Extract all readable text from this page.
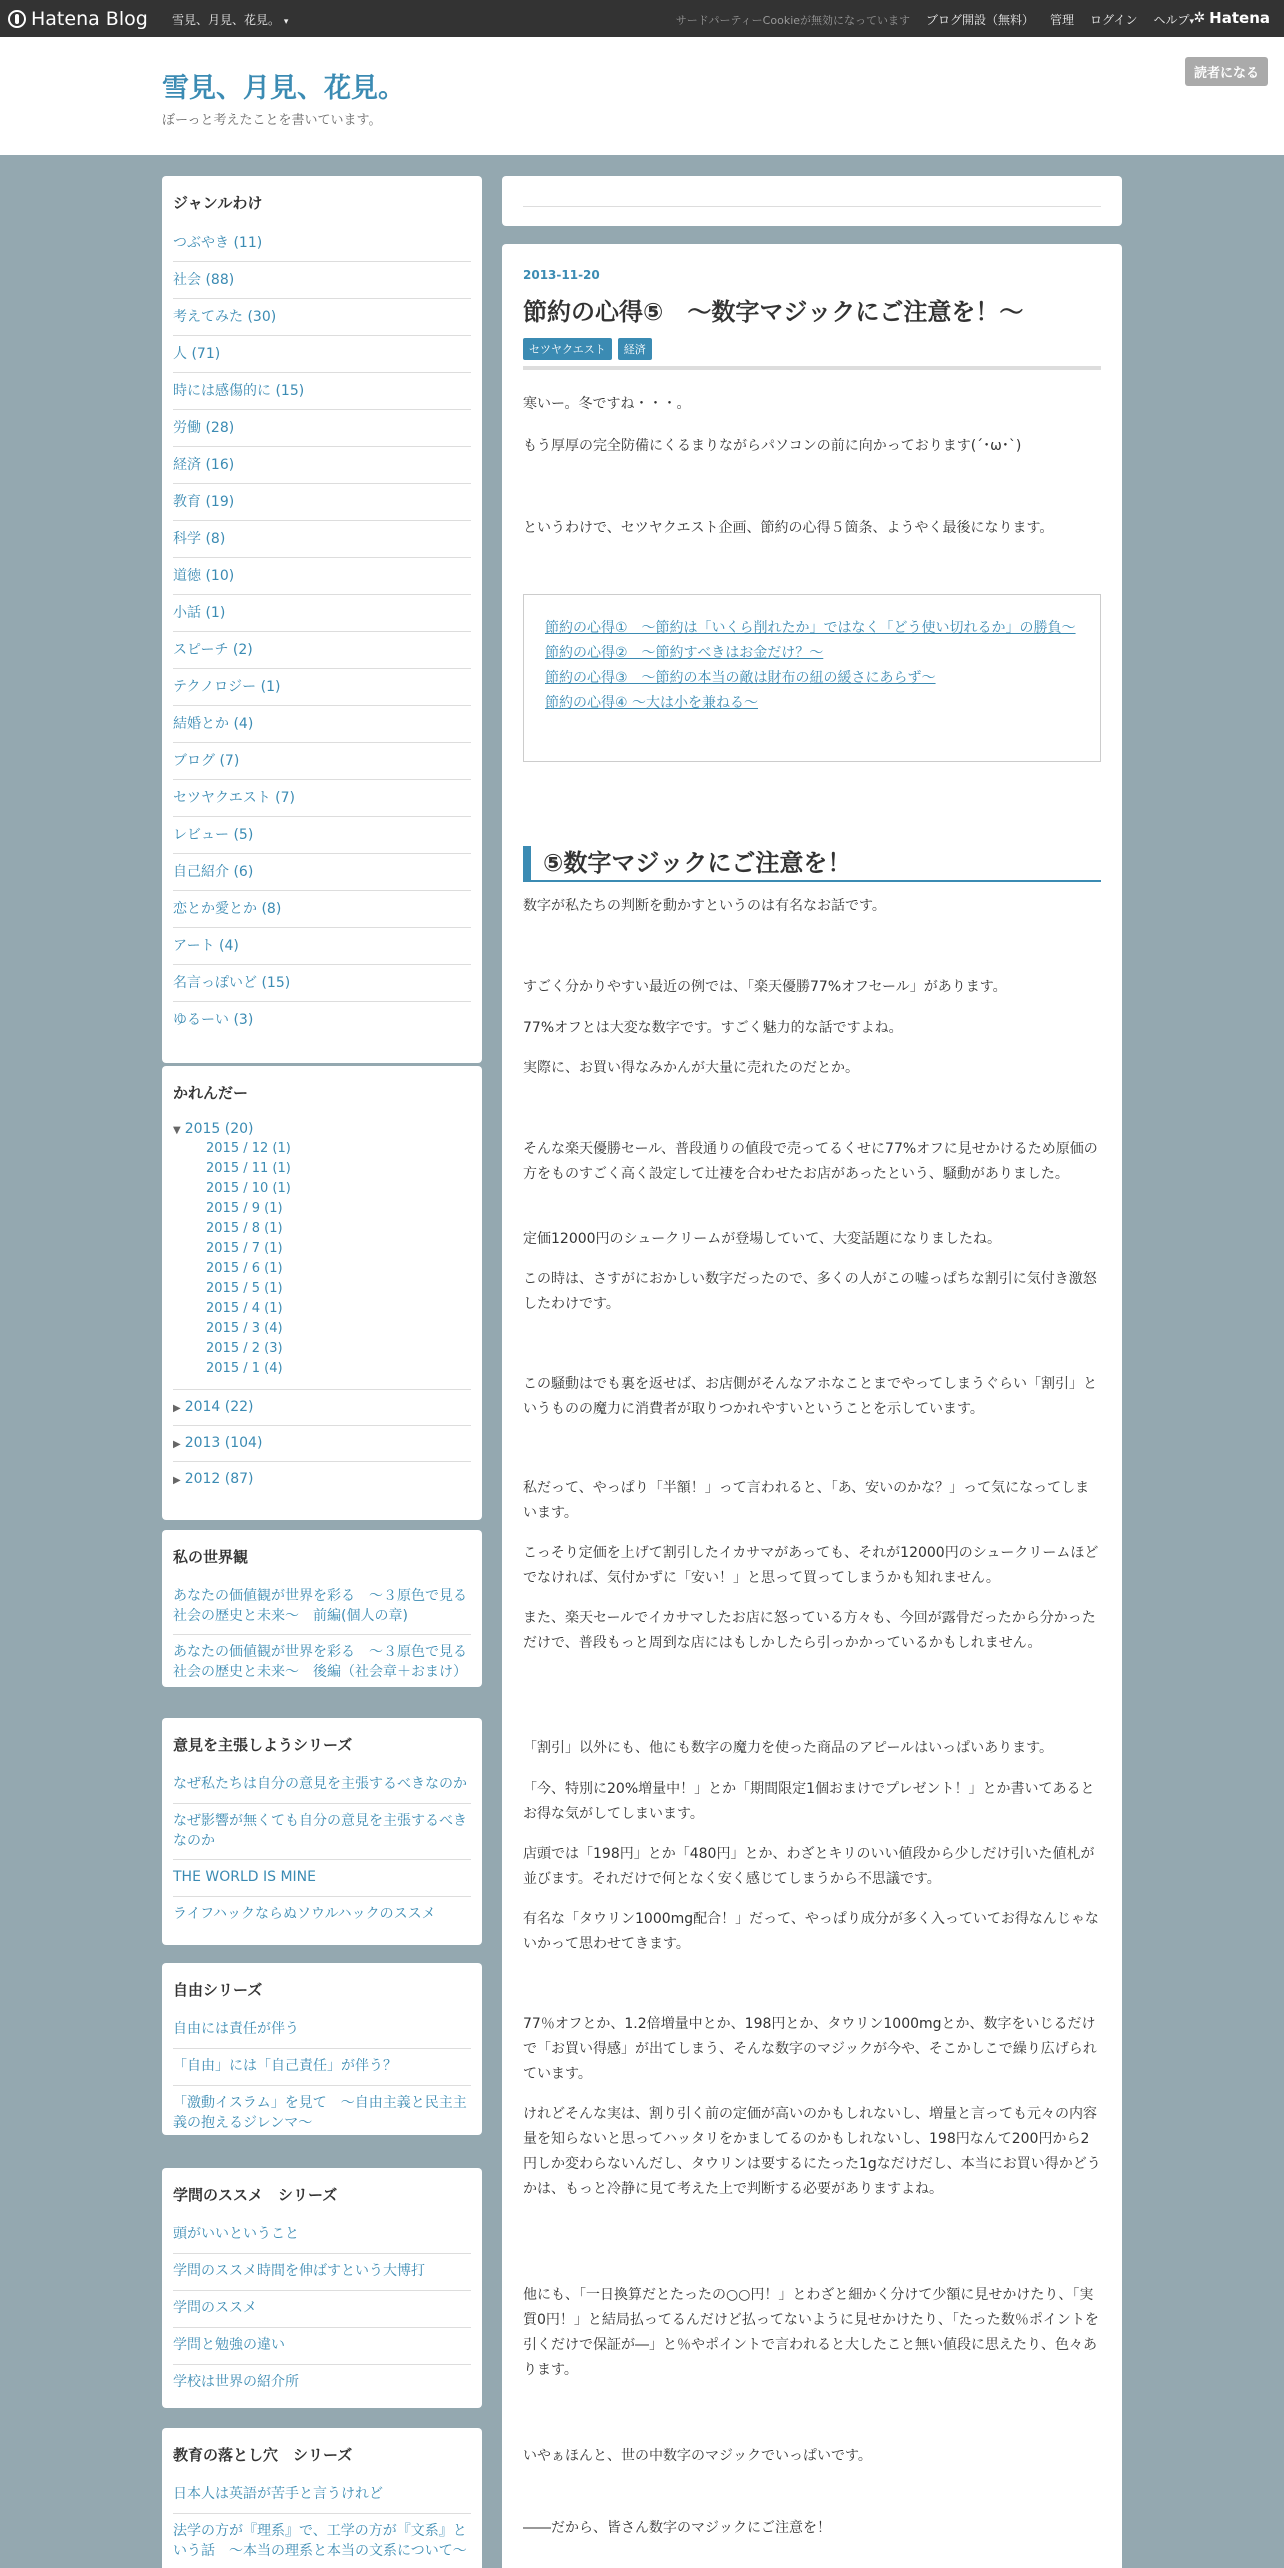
Hatena Blog 雪見、月見、花見。 ▾	サードパーティーCookieが無効になっています ブログ開設（無料） 管理 ログイン ヘルプ▾ ✲ Hatena
雪見、月見、花見。
ぼーっと考えたことを書いています。
読者になる
ジャンルわけ
つぶやき (11)
社会 (88)
考えてみた (30)
人 (71)
時には感傷的に (15)
労働 (28)
経済 (16)
教育 (19)
科学 (8)
道徳 (10)
小話 (1)
スピーチ (2)
テクノロジー (1)
結婚とか (4)
ブログ (7)
セツヤクエスト (7)
レビュー (5)
自己紹介 (6)
恋とか愛とか (8)
アート (4)
名言っぽいど (15)
ゆるーい (3)
かれんだー
▼ 2015 (20)
2015 / 12 (1)
2015 / 11 (1)
2015 / 10 (1)
2015 / 9 (1)
2015 / 8 (1)
2015 / 7 (1)
2015 / 6 (1)
2015 / 5 (1)
2015 / 4 (1)
2015 / 3 (4)
2015 / 2 (3)
2015 / 1 (4)
▶ 2014 (22)
▶ 2013 (104)
▶ 2012 (87)
私の世界観
あなたの価値観が世界を彩る　～３原色で見る社会の歴史と未来～　前編(個人の章)
あなたの価値観が世界を彩る　～３原色で見る社会の歴史と未来～　後編（社会章＋おまけ）
意見を主張しようシリーズ
なぜ私たちは自分の意見を主張するべきなのか
なぜ影響が無くても自分の意見を主張するべきなのか
THE WORLD IS MINE
ライフハックならぬソウルハックのススメ
自由シリーズ
自由には責任が伴う
「自由」には「自己責任」が伴う？
「激動イスラム」を見て　～自由主義と民主主義の抱えるジレンマ～
学問のススメ　シリーズ
頭がいいということ
学問のススメ時間を伸ばすという大博打
学問のススメ
学問と勉強の違い
学校は世界の紹介所
教育の落とし穴　シリーズ
日本人は英語が苦手と言うけれど
法学の方が『理系』で、工学の方が『文系』という話　～本当の理系と本当の文系について～
2013-11-20
節約の心得⑤　～数字マジックにご注意を！～
セツヤクエスト	経済
寒いー。冬ですね・・・。
もう厚厚の完全防備にくるまりながらパソコンの前に向かっております(´･ω･`)
というわけで、セツヤクエスト企画、節約の心得５箇条、ようやく最後になります。
節約の心得①　～節約は「いくら削れたか」ではなく「どう使い切れるか」の勝負～
節約の心得②　～節約すべきはお金だけ？～
節約の心得③　～節約の本当の敵は財布の紐の緩さにあらず～
節約の心得④ ～大は小を兼ねる～
⑤数字マジックにご注意を！
数字が私たちの判断を動かすというのは有名なお話です。
すごく分かりやすい最近の例では、「楽天優勝77%オフセール」があります。
77%オフとは大変な数字です。すごく魅力的な話ですよね。
実際に、お買い得なみかんが大量に売れたのだとか。
そんな楽天優勝セール、普段通りの値段で売ってるくせに77%オフに見せかけるため原価の方をものすごく高く設定して辻褄を合わせたお店があったという、騒動がありました。
定価12000円のシュークリームが登場していて、大変話題になりましたね。
この時は、さすがにおかしい数字だったので、多くの人がこの嘘っぱちな割引に気付き激怒したわけです。
この騒動はでも裏を返せば、お店側がそんなアホなことまでやってしまうぐらい「割引」というものの魔力に消費者が取りつかれやすいということを示しています。
私だって、やっぱり「半額！」って言われると、「あ、安いのかな？」って気になってしまいます。
こっそり定価を上げて割引したイカサマがあっても、それが12000円のシュークリームほどでなければ、気付かずに「安い！」と思って買ってしまうかも知れません。
また、楽天セールでイカサマしたお店に怒っている方々も、今回が露骨だったから分かっただけで、普段もっと周到な店にはもしかしたら引っかかっているかもしれません。
「割引」以外にも、他にも数字の魔力を使った商品のアピールはいっぱいあります。
「今、特別に20%増量中！」とか「期間限定1個おまけでプレゼント！」とか書いてあるとお得な気がしてしまいます。
店頭では「198円」とか「480円」とか、わざとキリのいい値段から少しだけ引いた値札が並びます。それだけで何となく安く感じてしまうから不思議です。
有名な「タウリン1000mg配合！」だって、やっぱり成分が多く入っていてお得なんじゃないかって思わせてきます。
77％オフとか、1.2倍増量中とか、198円とか、タウリン1000mgとか、数字をいじるだけで「お買い得感」が出てしまう、そんな数字のマジックが今や、そこかしこで繰り広げられています。
けれどそんな実は、割り引く前の定価が高いのかもしれないし、増量と言っても元々の内容量を知らないと思ってハッタリをかましてるのかもしれないし、198円なんて200円から2円しか変わらないんだし、タウリンは要するにたった1gなだけだし、本当にお買い得かどうかは、もっと冷静に見て考えた上で判断する必要がありますよね。
他にも、「一日換算だとたったの○○円！」とわざと細かく分けて少額に見せかけたり、「実質0円！」と結局払ってるんだけど払ってないように見せかけたり、「たった数％ポイントを引くだけで保証が―」と％やポイントで言われると大したこと無い値段に思えたり、色々あります。
いやぁほんと、世の中数字のマジックでいっぱいです。
――だから、皆さん数字のマジックにご注意を！
